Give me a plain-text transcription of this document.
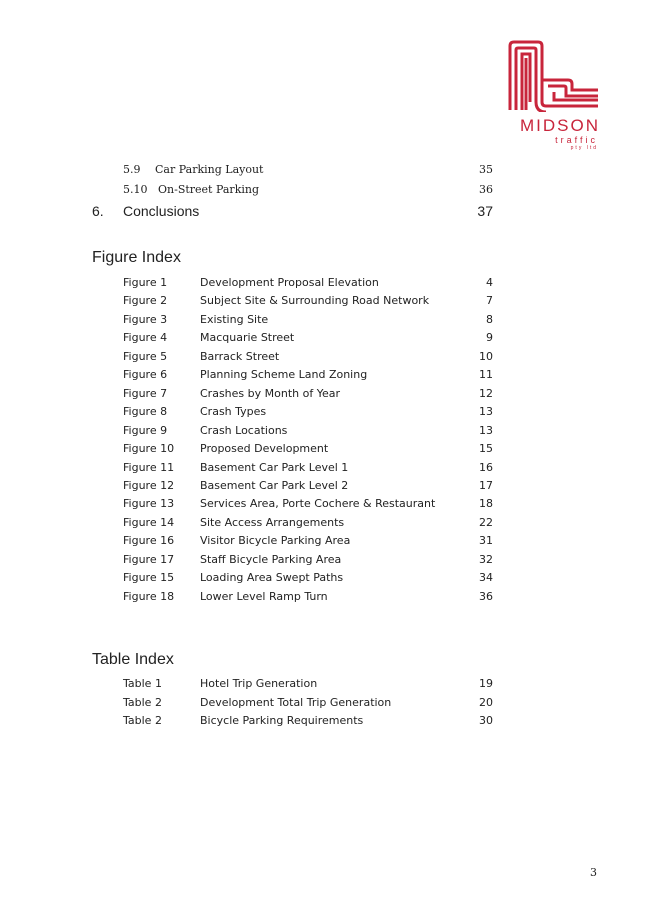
MIDSON
traffic
pty ltd
5.9 Car Parking Layout	35
5.10 On-Street Parking	36
6. Conclusions	37
Figure Index
Figure 1	Development Proposal Elevation	4
Figure 2	Subject Site & Surrounding Road Network	7
Figure 3	Existing Site	8
Figure 4	Macquarie Street	9
Figure 5	Barrack Street	10
Figure 6	Planning Scheme Land Zoning	11
Figure 7	Crashes by Month of Year	12
Figure 8	Crash Types	13
Figure 9	Crash Locations	13
Figure 10 Proposed Development	15
Figure 11 Basement Car Park Level 1	16
Figure 12 Basement Car Park Level 2	17
Figure 13 Services Area, Porte Cochere & Restaurant	18
Figure 14 Site Access Arrangements	22
Figure 16 Visitor Bicycle Parking Area	31
Figure 17 Staff Bicycle Parking Area	32
Figure 15 Loading Area Swept Paths	34
Figure 18 Lower Level Ramp Turn	36
Table Index
Table 1	Hotel Trip Generation	19
Table 2	Development Total Trip Generation	20
Table 2	Bicycle Parking Requirements	30
3
